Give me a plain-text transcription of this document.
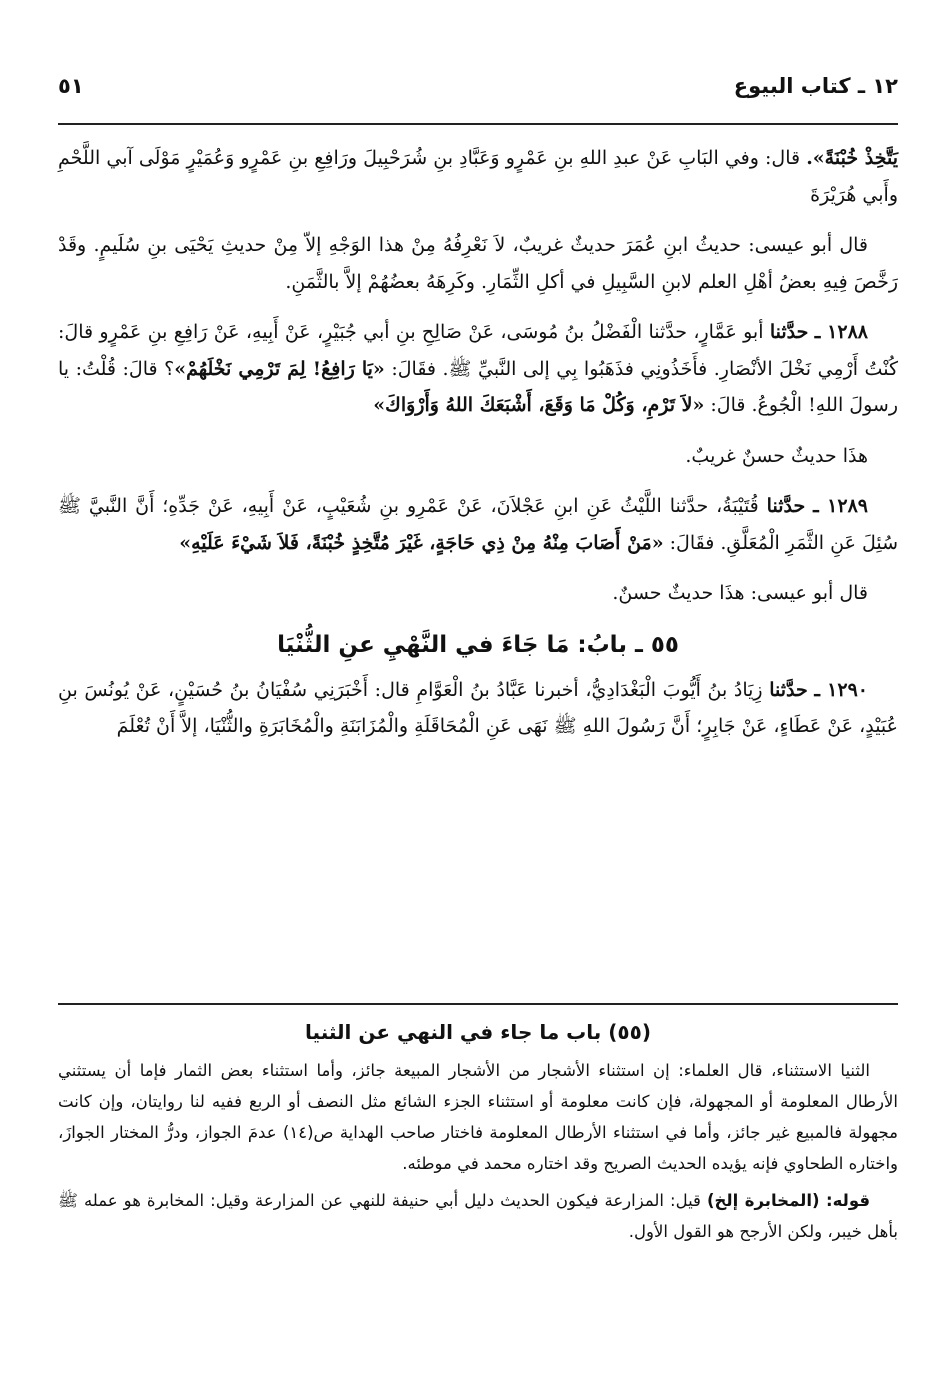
١٢ ـ كتاب البيوع
٥١

يَتَّخِذْ خُبْنَةً». قال: وفي البَابِ عَنْ عبدِ اللهِ بنِ عَمْرٍو وَعَبَّادِ بنِ شُرَحْبِيلَ ورَافِعِ بنِ عَمْرٍو وَعُمَيْرٍ مَوْلَى آبي اللَّحْمِ وأَبي هُرَيْرَةَ

قال أبو عيسى: حديثُ ابنِ عُمَرَ حديثٌ غريبٌ، لاَ نَعْرِفُهُ مِنْ هذا الوَجْهِ إلاّ مِنْ حديثِ يَحْيَى بنِ سُلَيمٍ. وقَدْ رَخَّصَ فِيهِ بعضُ أهْلِ العلم لابنِ السَّبِيلِ في أكلِ الثِّمَارِ. وكَرِهَهُ بعضُهُمْ إلاَّ بالثَّمَنِ.

١٢٨٨ ـ حدَّثنا أبو عَمَّارٍ، حدَّثنا الْفَضْلُ بنُ مُوسَى، عَنْ صَالِحِ بنِ أبي جُبَيْرٍ، عَنْ أَبِيهِ، عَنْ رَافِعِ بنِ عَمْرٍو قالَ: كُنْتُ أَرْمِي نَخْلَ الأنْصَارِ. فأَخَذُونِي فذَهَبُوا بِي إلى النَّبيِّ ﷺ. فقَالَ: «يَا رَافِعُ! لِمَ تَرْمِي نَخْلَهُمْ»؟ قالَ: قُلْتُ: يا رسولَ اللهِ! الْجُوعُ. قالَ: «لاَ تَرْمِ، وَكُلْ مَا وَقَعَ، أَشْبَعَكَ اللهُ وَأَرْوَاكَ»

هذَا حديثٌ حسنٌ غريبٌ.

١٢٨٩ ـ حدَّثنا قُتَيْبَةُ، حدَّثنا اللَّيْثُ عَنِ ابنِ عَجْلاَنَ، عَنْ عَمْرِو بنِ شُعَيْبٍ، عَنْ أَبِيهِ، عَنْ جَدِّهِ؛ أَنَّ النَّبيَّ ﷺ سُئِلَ عَنِ الثَّمَرِ الْمُعَلَّقِ. فقَالَ: «مَنْ أَصَابَ مِنْهُ مِنْ ذِي حَاجَةٍ، غَيْرَ مُتَّخِذٍ خُبْنَةً، فَلاَ شَيْءَ عَلَيْهِ»

قال أبو عيسى: هذَا حديثٌ حسنٌ.

٥٥ ـ بابُ: مَا جَاءَ في النَّهْيِ عنِ الثُّنْيَا

١٢٩٠ ـ حدَّثنا زِيَادُ بنُ أَيُّوبَ الْبَغْدَادِيُّ، أخبرنا عَبَّادُ بنُ الْعَوَّامِ قال: أَخْبَرَنِي سُفْيَانُ بنُ حُسَيْنٍ، عَنْ يُونُسَ بنِ عُبَيْدٍ، عَنْ عَطَاءٍ، عَنْ جَابِرٍ؛ أَنَّ رَسُولَ اللهِ ﷺ نَهَى عَنِ الْمُحَاقَلَةِ والْمُزَابَنَةِ والْمُخَابَرَةِ والثُّنْيَا، إلاَّ أَنْ تُعْلَمَ

(٥٥) باب ما جاء في النهي عن الثنيا

الثنيا الاستثناء، قال العلماء: إن استثناء الأشجار من الأشجار المبيعة جائز، وأما استثناء بعض الثمار فإما أن يستثني الأرطال المعلومة أو المجهولة، فإن كانت معلومة أو استثناء الجزء الشائع مثل النصف أو الربع ففيه لنا روايتان، وإن كانت مجهولة فالمبيع غير جائز، وأما في استثناء الأرطال المعلومة فاختار صاحب الهداية ص(١٤) عدمَ الجواز، ودرُّ المختار الجوازَ، واختاره الطحاوي فإنه يؤيده الحديث الصريح وقد اختاره محمد في موطئه.

قوله: (المخابرة إلخ) قيل: المزارعة فيكون الحديث دليل أبي حنيفة للنهي عن المزارعة وقيل: المخابرة هو عمله ﷺ بأهل خيبر، ولكن الأرجح هو القول الأول.
